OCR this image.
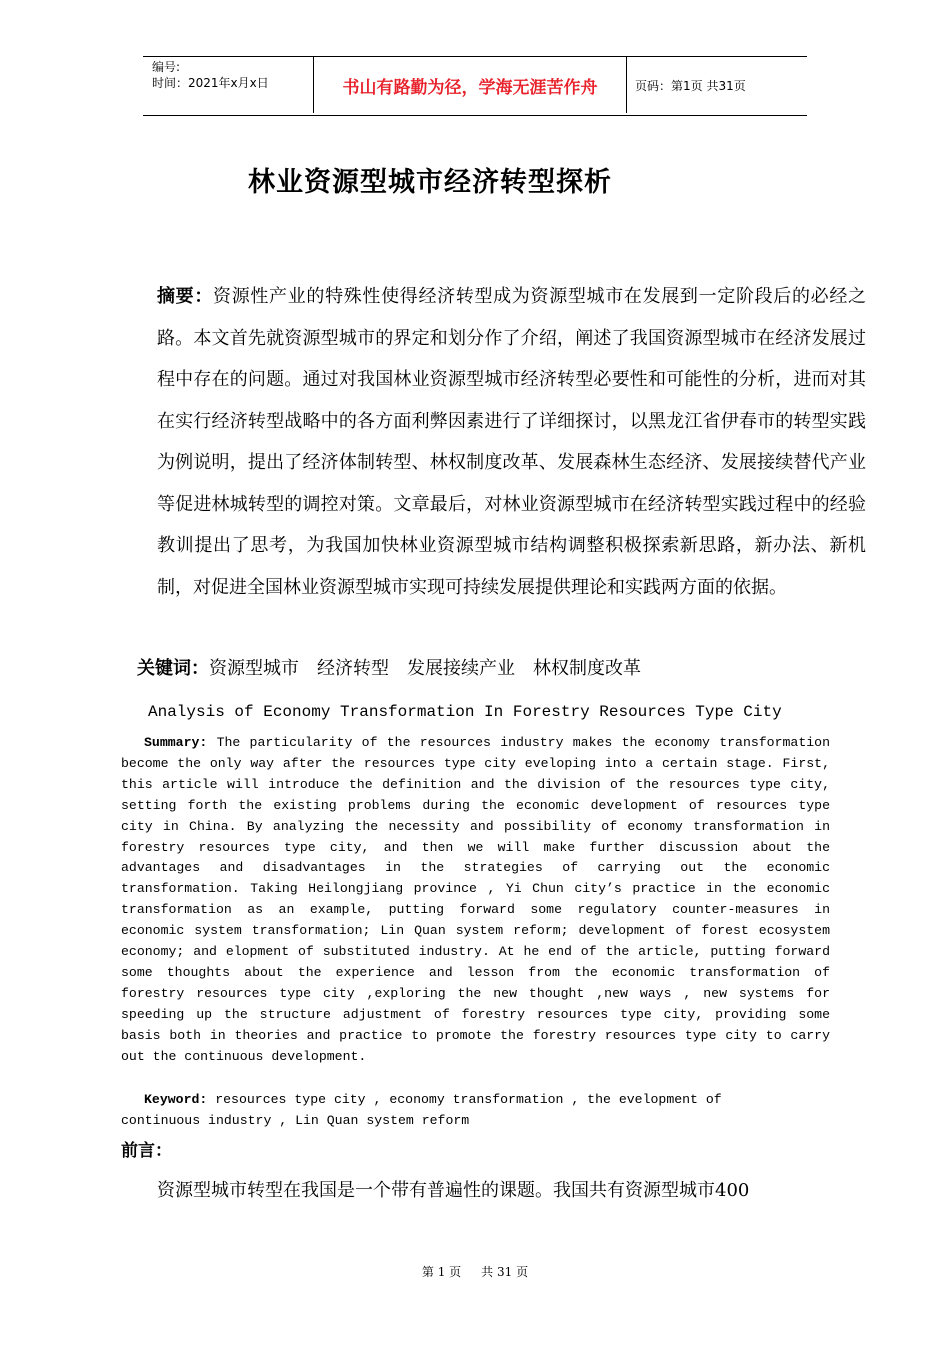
编号:
时间：2021年x月x日	书山有路勤为径，学海无涯苦作舟	页码：第1页 共31页
林业资源型城市经济转型探析
摘要：资源性产业的特殊性使得经济转型成为资源型城市在发展到一定阶段后的必经之路。本文首先就资源型城市的界定和划分作了介绍，阐述了我国资源型城市在经济发展过程中存在的问题。通过对我国林业资源型城市经济转型必要性和可能性的分析，进而对其在实行经济转型战略中的各方面利弊因素进行了详细探讨，以黑龙江省伊春市的转型实践为例说明，提出了经济体制转型、林权制度改革、发展森林生态经济、发展接续替代产业等促进林城转型的调控对策。文章最后，对林业资源型城市在经济转型实践过程中的经验教训提出了思考，为我国加快林业资源型城市结构调整积极探索新思路，新办法、新机制，对促进全国林业资源型城市实现可持续发展提供理论和实践两方面的依据。
关键词：资源型城市 经济转型 发展接续产业 林权制度改革
Analysis of Economy Transformation In Forestry Resources Type City
Summary: The particularity of the resources industry makes the economy transformation become the only way after the resources type city eveloping into a certain stage. First, this article will introduce the definition and the division of the resources type city, setting forth the existing problems during the economic development of resources type city in China. By analyzing the necessity and possibility of economy transformation in forestry resources type city, and then we will make further discussion about the advantages and disadvantages in the strategies of carrying out the economic transformation. Taking Heilongjiang province , Yi Chun city’s practice in the economic transformation as an example, putting forward some regulatory counter-measures in economic system transformation; Lin Quan system reform; development of forest ecosystem economy; and elopment of substituted industry. At he end of the article, putting forward some thoughts about the experience and lesson from the economic transformation of forestry resources type city ,exploring the new thought ,new ways , new systems for speeding up the structure adjustment of forestry resources type city, providing some basis both in theories and practice to promote the forestry resources type city to carry out the continuous development.
Keyword: resources type city , economy transformation , the evelopment of continuous industry , Lin Quan system reform
前言：
资源型城市转型在我国是一个带有普遍性的课题。我国共有资源型城市400
第 1 页 共 31 页
